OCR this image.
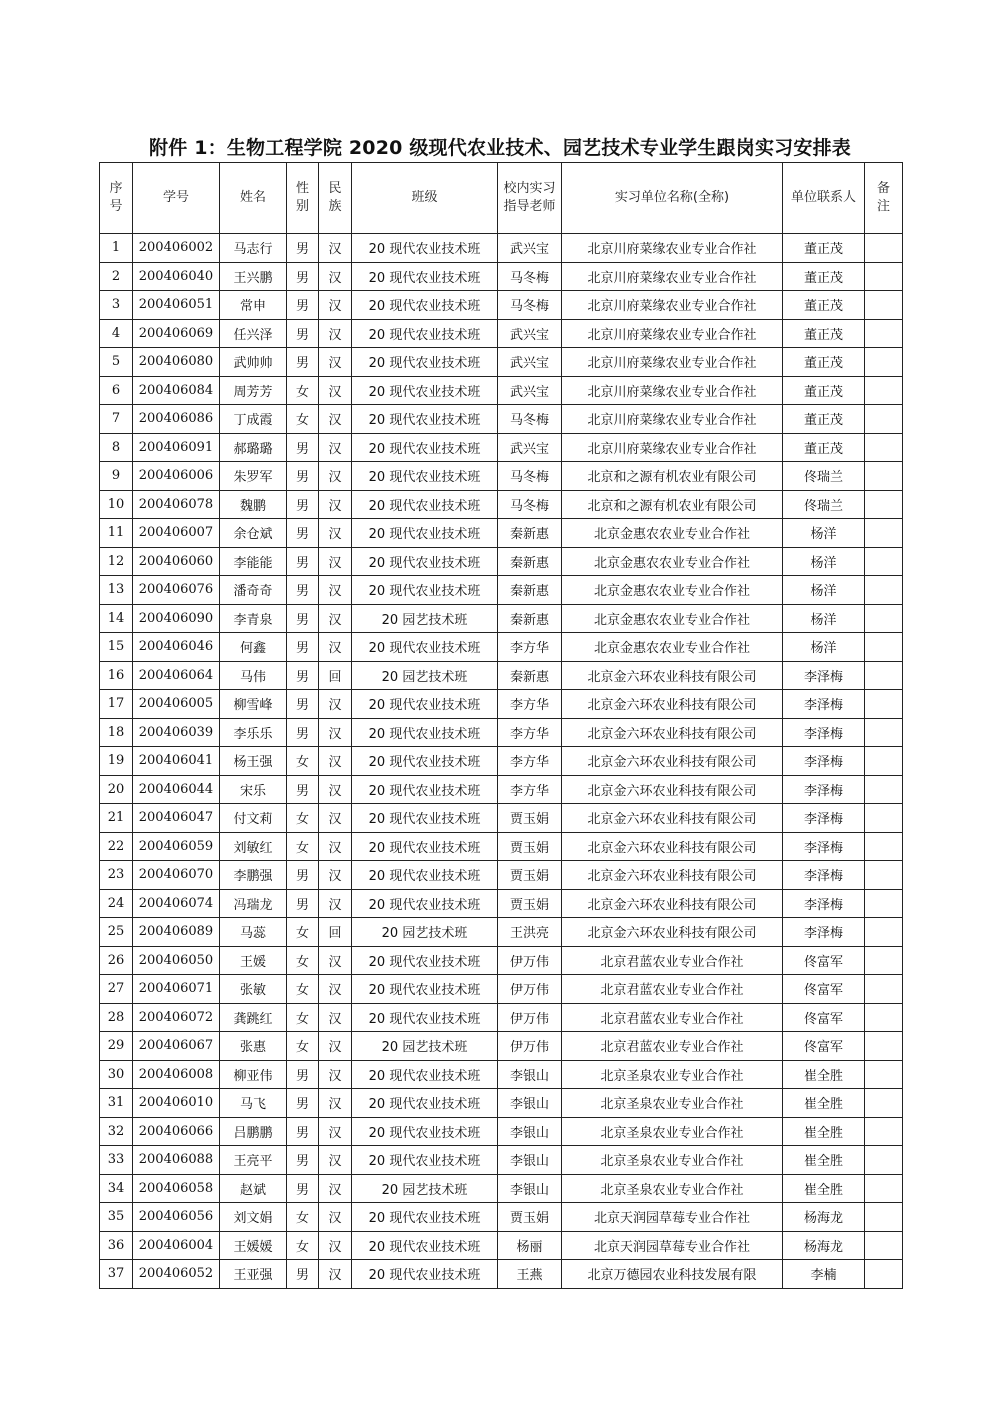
附件 1：生物工程学院 2020 级现代农业技术、园艺技术专业学生跟岗实习安排表
序号	学号	姓名	性别	民族	班级	校内实习指导老师	实习单位名称(全称)	单位联系人	备注

1	200406002	马志行	男	汉	20 现代农业技术班	武兴宝	北京川府菜缘农业专业合作社	董正茂	
2	200406040	王兴鹏	男	汉	20 现代农业技术班	马冬梅	北京川府菜缘农业专业合作社	董正茂	
3	200406051	常申	男	汉	20 现代农业技术班	马冬梅	北京川府菜缘农业专业合作社	董正茂	
4	200406069	任兴泽	男	汉	20 现代农业技术班	武兴宝	北京川府菜缘农业专业合作社	董正茂	
5	200406080	武帅帅	男	汉	20 现代农业技术班	武兴宝	北京川府菜缘农业专业合作社	董正茂	
6	200406084	周芳芳	女	汉	20 现代农业技术班	武兴宝	北京川府菜缘农业专业合作社	董正茂	
7	200406086	丁成霞	女	汉	20 现代农业技术班	马冬梅	北京川府菜缘农业专业合作社	董正茂	
8	200406091	郝璐璐	男	汉	20 现代农业技术班	武兴宝	北京川府菜缘农业专业合作社	董正茂	
9	200406006	朱罗军	男	汉	20 现代农业技术班	马冬梅	北京和之源有机农业有限公司	佟瑞兰	
10	200406078	魏鹏	男	汉	20 现代农业技术班	马冬梅	北京和之源有机农业有限公司	佟瑞兰	
11	200406007	余仓斌	男	汉	20 现代农业技术班	秦新惠	北京金惠农农业专业合作社	杨洋	
12	200406060	李能能	男	汉	20 现代农业技术班	秦新惠	北京金惠农农业专业合作社	杨洋	
13	200406076	潘奇奇	男	汉	20 现代农业技术班	秦新惠	北京金惠农农业专业合作社	杨洋	
14	200406090	李青泉	男	汉	20 园艺技术班	秦新惠	北京金惠农农业专业合作社	杨洋	
15	200406046	何鑫	男	汉	20 现代农业技术班	李方华	北京金惠农农业专业合作社	杨洋	
16	200406064	马伟	男	回	20 园艺技术班	秦新惠	北京金六环农业科技有限公司	李泽梅	
17	200406005	柳雪峰	男	汉	20 现代农业技术班	李方华	北京金六环农业科技有限公司	李泽梅	
18	200406039	李乐乐	男	汉	20 现代农业技术班	李方华	北京金六环农业科技有限公司	李泽梅	
19	200406041	杨王强	女	汉	20 现代农业技术班	李方华	北京金六环农业科技有限公司	李泽梅	
20	200406044	宋乐	男	汉	20 现代农业技术班	李方华	北京金六环农业科技有限公司	李泽梅	
21	200406047	付文莉	女	汉	20 现代农业技术班	贾玉娟	北京金六环农业科技有限公司	李泽梅	
22	200406059	刘敏红	女	汉	20 现代农业技术班	贾玉娟	北京金六环农业科技有限公司	李泽梅	
23	200406070	李鹏强	男	汉	20 现代农业技术班	贾玉娟	北京金六环农业科技有限公司	李泽梅	
24	200406074	冯瑞龙	男	汉	20 现代农业技术班	贾玉娟	北京金六环农业科技有限公司	李泽梅	
25	200406089	马蕊	女	回	20 园艺技术班	王洪亮	北京金六环农业科技有限公司	李泽梅	
26	200406050	王媛	女	汉	20 现代农业技术班	伊万伟	北京君蓝农业专业合作社	佟富军	
27	200406071	张敏	女	汉	20 现代农业技术班	伊万伟	北京君蓝农业专业合作社	佟富军	
28	200406072	龚跳红	女	汉	20 现代农业技术班	伊万伟	北京君蓝农业专业合作社	佟富军	
29	200406067	张惠	女	汉	20 园艺技术班	伊万伟	北京君蓝农业专业合作社	佟富军	
30	200406008	柳亚伟	男	汉	20 现代农业技术班	李银山	北京圣泉农业专业合作社	崔全胜	
31	200406010	马飞	男	汉	20 现代农业技术班	李银山	北京圣泉农业专业合作社	崔全胜	
32	200406066	吕鹏鹏	男	汉	20 现代农业技术班	李银山	北京圣泉农业专业合作社	崔全胜	
33	200406088	王亮平	男	汉	20 现代农业技术班	李银山	北京圣泉农业专业合作社	崔全胜	
34	200406058	赵斌	男	汉	20 园艺技术班	李银山	北京圣泉农业专业合作社	崔全胜	
35	200406056	刘文娟	女	汉	20 现代农业技术班	贾玉娟	北京天润园草莓专业合作社	杨海龙	
36	200406004	王媛媛	女	汉	20 现代农业技术班	杨丽	北京天润园草莓专业合作社	杨海龙	
37	200406052	王亚强	男	汉	20 现代农业技术班	王燕	北京万德园农业科技发展有限	李楠	
